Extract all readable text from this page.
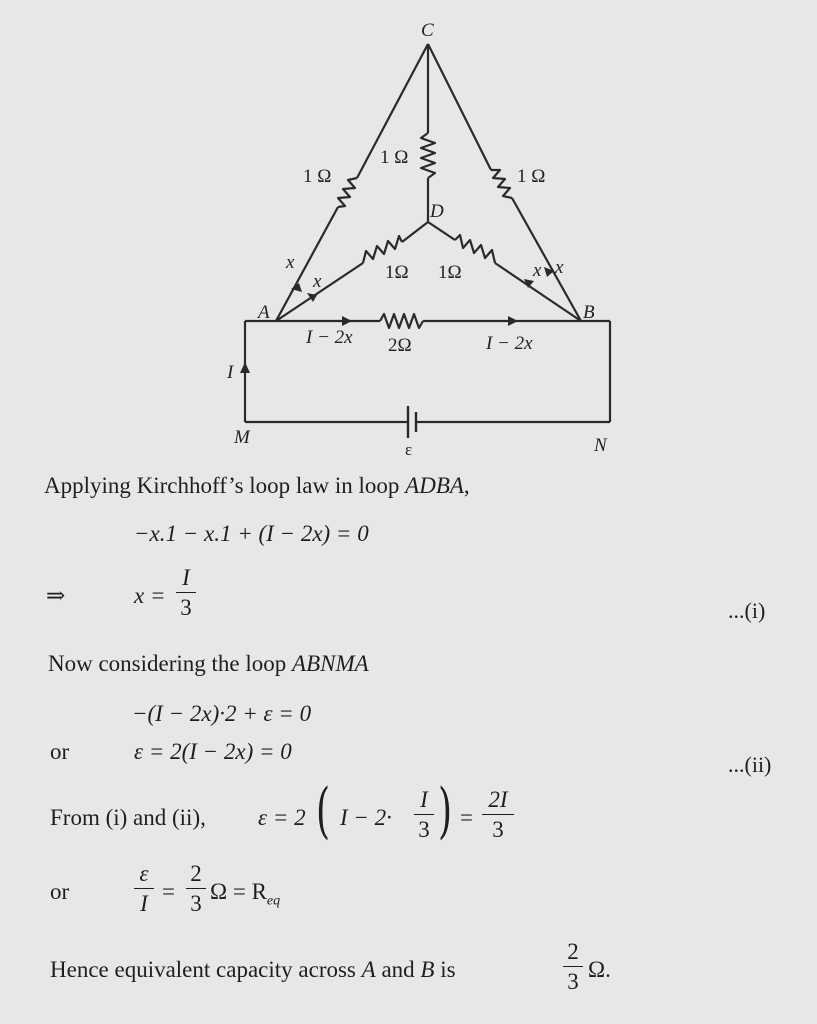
C
D
A	B
M	N
1 Ω
1 Ω
1 Ω
1Ω 1Ω
2Ω
x
x
x x
I − 2x	I − 2x
I
ε
Applying Kirchhoff’s loop law in loop ADBA,
−x.1 − x.1 + (I − 2x) = 0
⇒	x =
I
3	...(i)
Now considering the loop ABNMA
−(I − 2x)·2 + ε = 0
or	ε = 2(I − 2x) = 0
...(ii)
From (i) and (ii), ε = 2 ( I − 2·
I
3 ) =
2I
3
or
ε
I =
2
3 $\Omega = R_{eq}$
Hence equivalent capacity across A and B is
2
3 Ω.
